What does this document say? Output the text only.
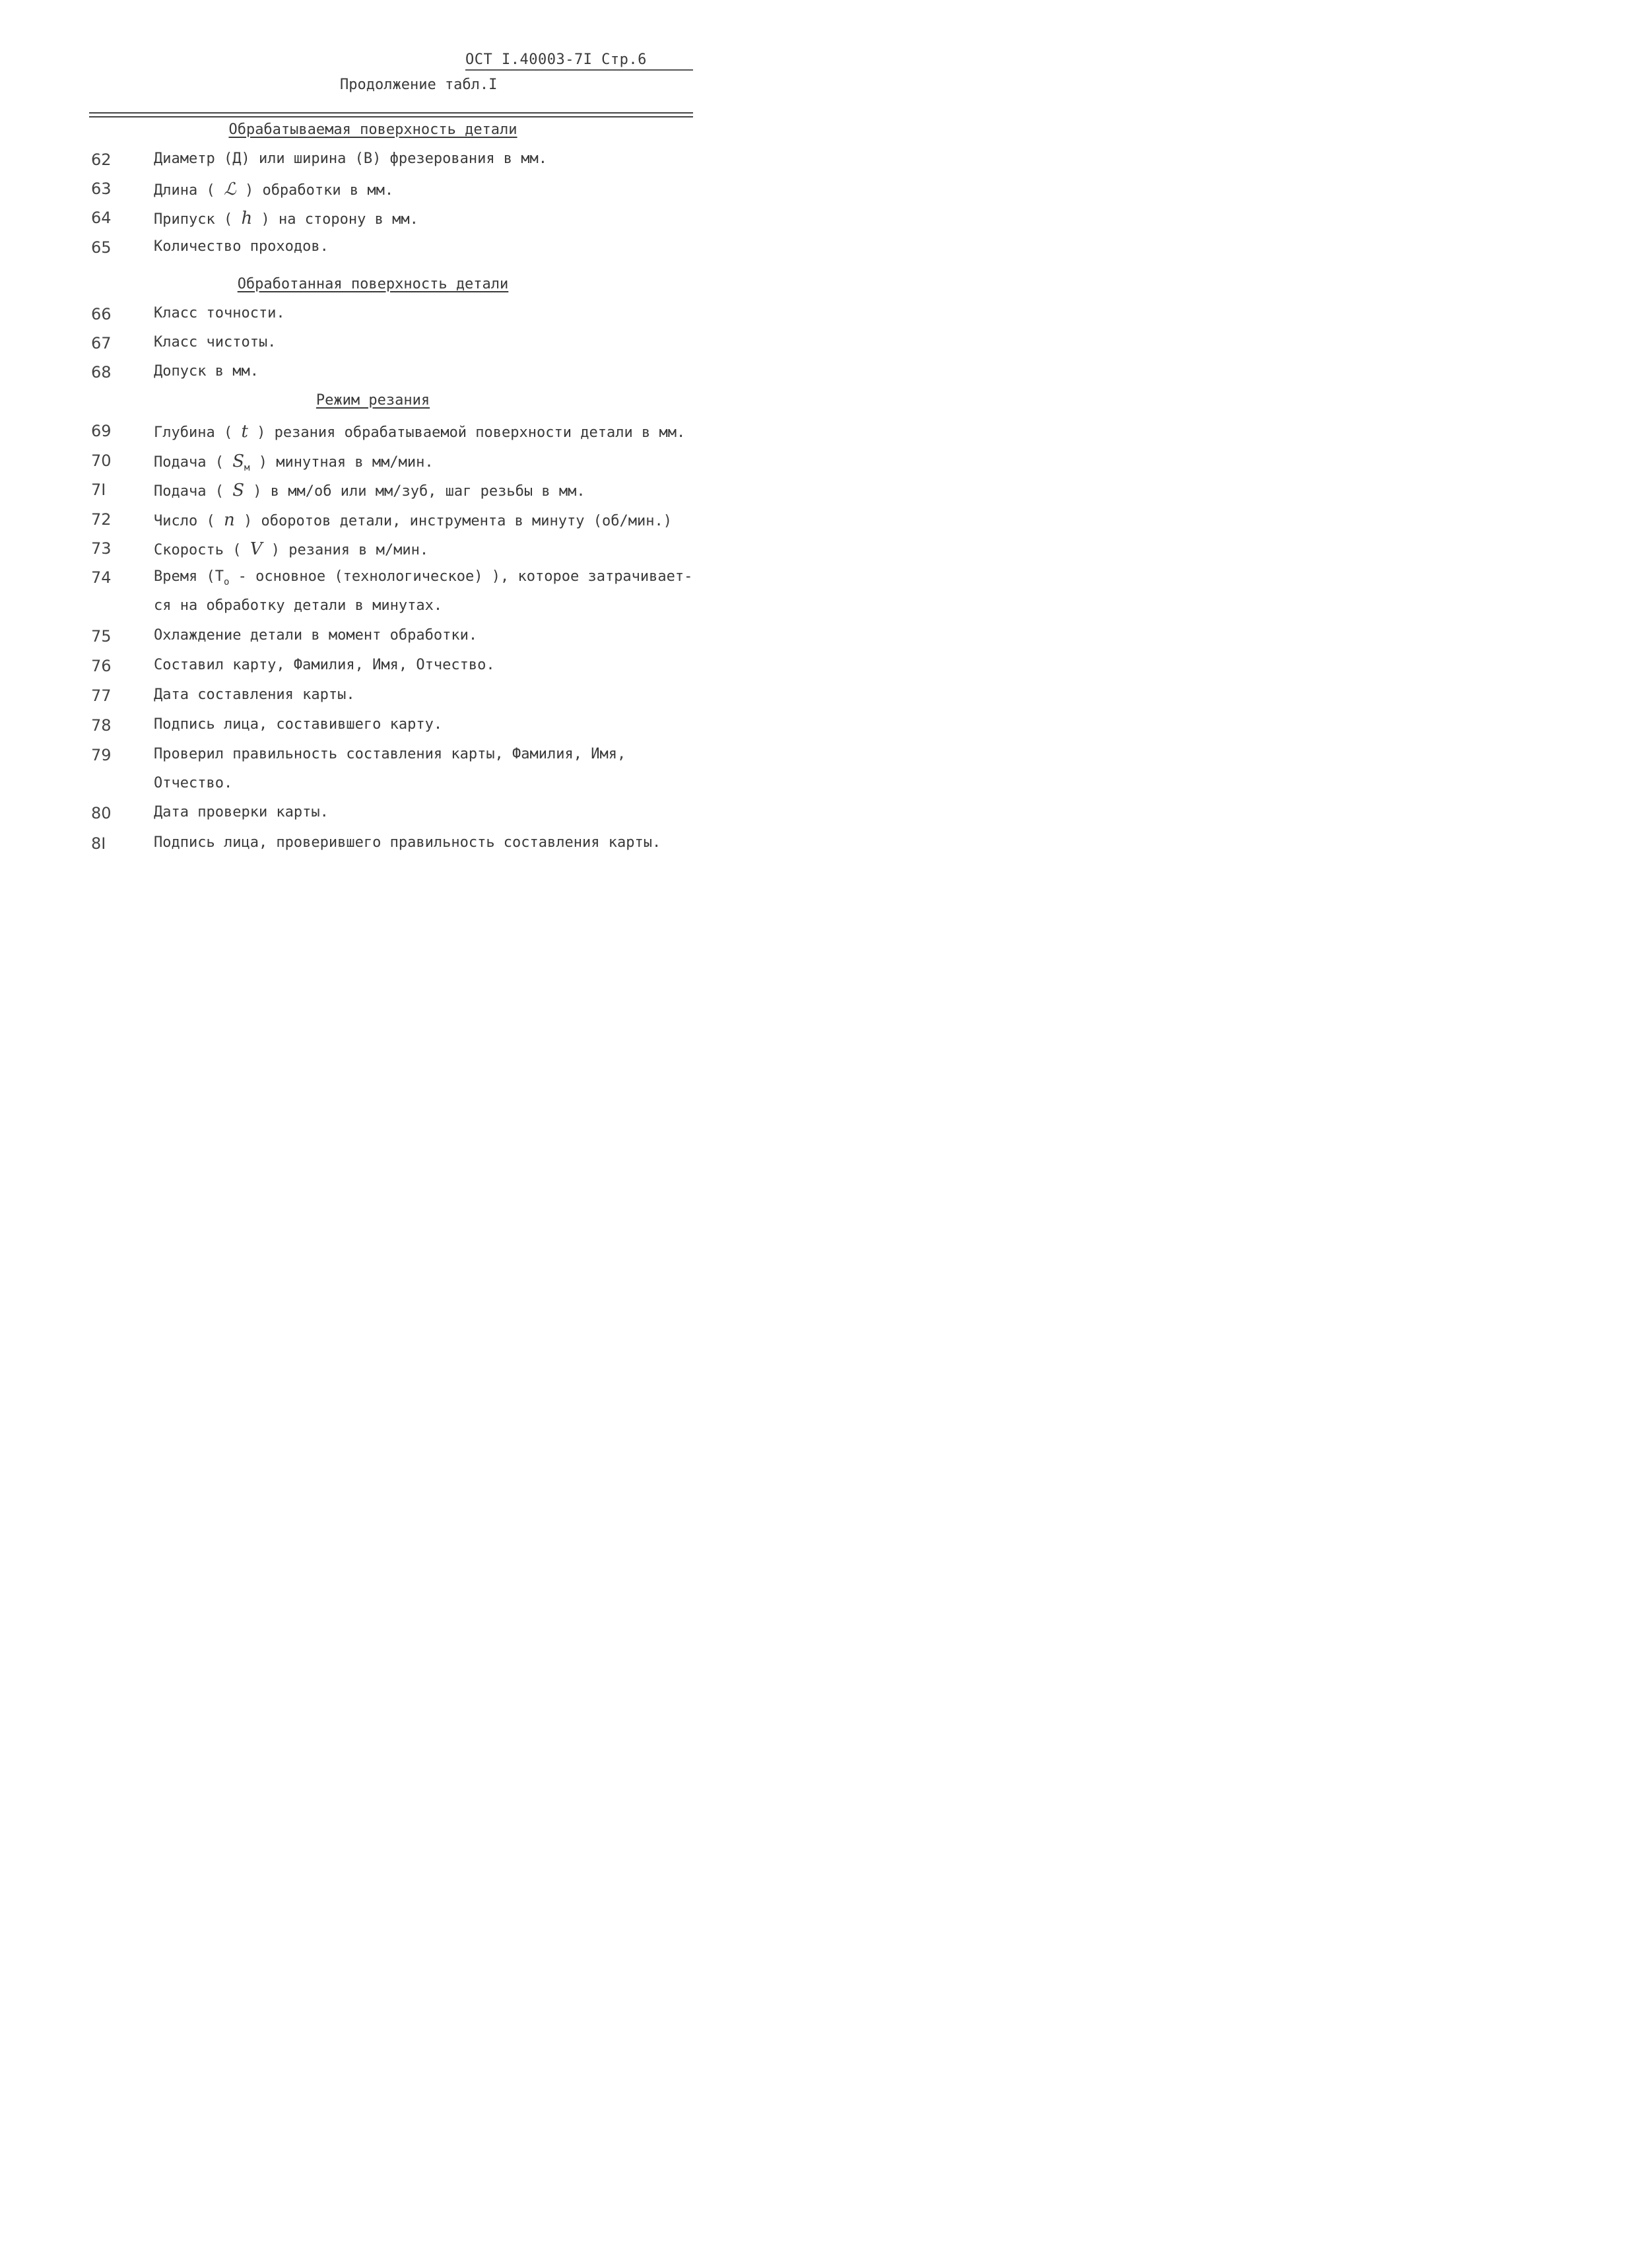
ОСТ I.40003-7I Стр.6
Продолжение табл.I
Обрабатываемая поверхность детали
62	Диаметр (Д) или ширина (В) фрезерования в мм.
63	Длина ( ℒ ) обработки в мм.
64	Припуск ( h ) на сторону в мм.
65	Количество проходов.
Обработанная поверхность детали
66	Класс точности.
67	Класс чистоты.
68	Допуск в мм.
Режим резания
69	Глубина ( t ) резания обрабатываемой поверхности детали в мм.
70	Подача ( $S_м$ ) минутная в мм/мин.
7I	Подача ( S ) в мм/об или мм/зуб, шаг резьбы в мм.
72	Число ( n ) оборотов детали, инструмента в минуту (об/мин.)
73	Скорость ( V ) резания в м/мин.
74	Время ($Т_o$ - основное (технологическое) ), которое затрачивает-
ся на обработку детали в минутах.
75	Охлаждение детали в момент обработки.
76	Составил карту, Фамилия, Имя, Отчество.
77	Дата составления карты.
78	Подпись лица, составившего карту.
79	Проверил правильность составления карты, Фамилия, Имя,
Отчество.
80	Дата проверки карты.
8I	Подпись лица, проверившего правильность составления карты.
